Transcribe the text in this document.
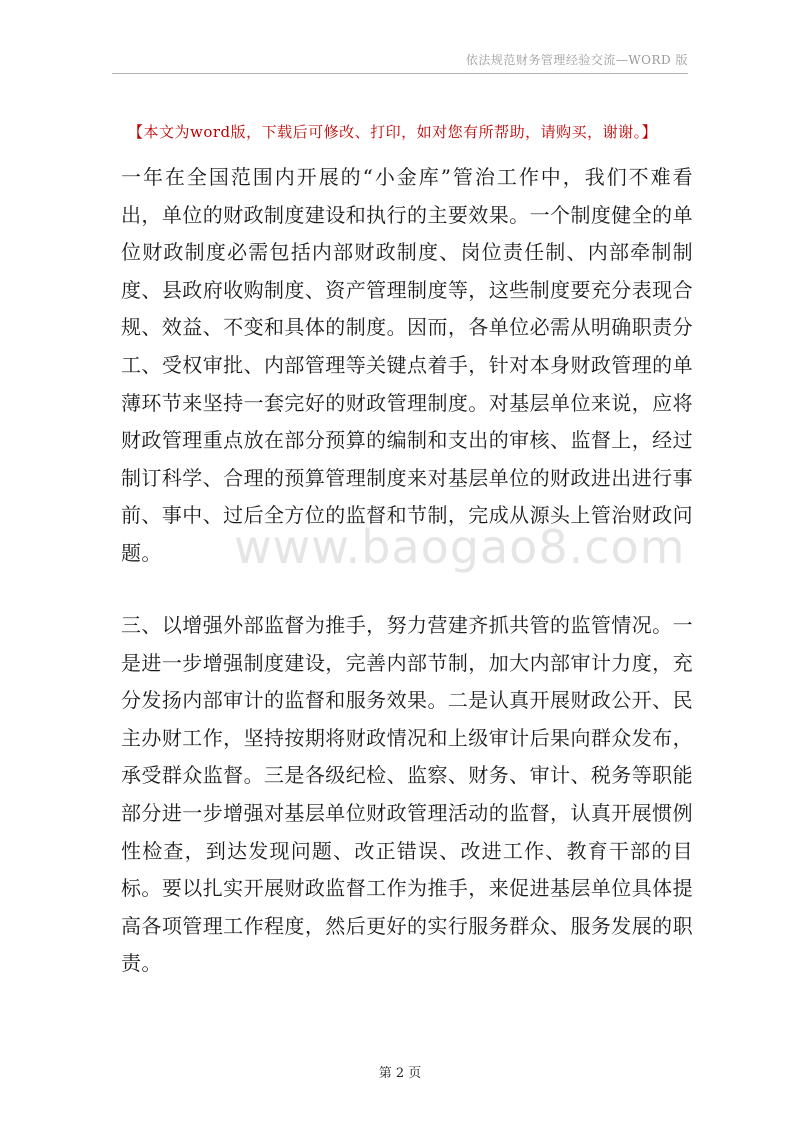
依法规范财务管理经验交流—WORD 版
【本文为word版，下载后可修改、打印，如对您有所帮助，请购买，谢谢。】

一年在全国范围内开展的“小金库”管治工作中，我们不难看出，单位的财政制度建设和执行的主要效果。一个制度健全的单位财政制度必需包括内部财政制度、岗位责任制、内部牵制制度、县政府收购制度、资产管理制度等，这些制度要充分表现合规、效益、不变和具体的制度。因而，各单位必需从明确职责分工、受权审批、内部管理等关键点着手，针对本身财政管理的单薄环节来坚持一套完好的财政管理制度。对基层单位来说，应将财政管理重点放在部分预算的编制和支出的审核、监督上，经过制订科学、合理的预算管理制度来对基层单位的财政进出进行事前、事中、过后全方位的监督和节制，完成从源头上管治财政问题。	www.baogao8.com

三、以增强外部监督为推手，努力营建齐抓共管的监管情况。一是进一步增强制度建设，完善内部节制，加大内部审计力度，充分发扬内部审计的监督和服务效果。二是认真开展财政公开、民主办财工作，坚持按期将财政情况和上级审计后果向群众发布，承受群众监督。三是各级纪检、监察、财务、审计、税务等职能部分进一步增强对基层单位财政管理活动的监督，认真开展惯例性检查，到达发现问题、改正错误、改进工作、教育干部的目标。要以扎实开展财政监督工作为推手，来促进基层单位具体提高各项管理工作程度，然后更好的实行服务群众、服务发展的职责。

第 2 页
